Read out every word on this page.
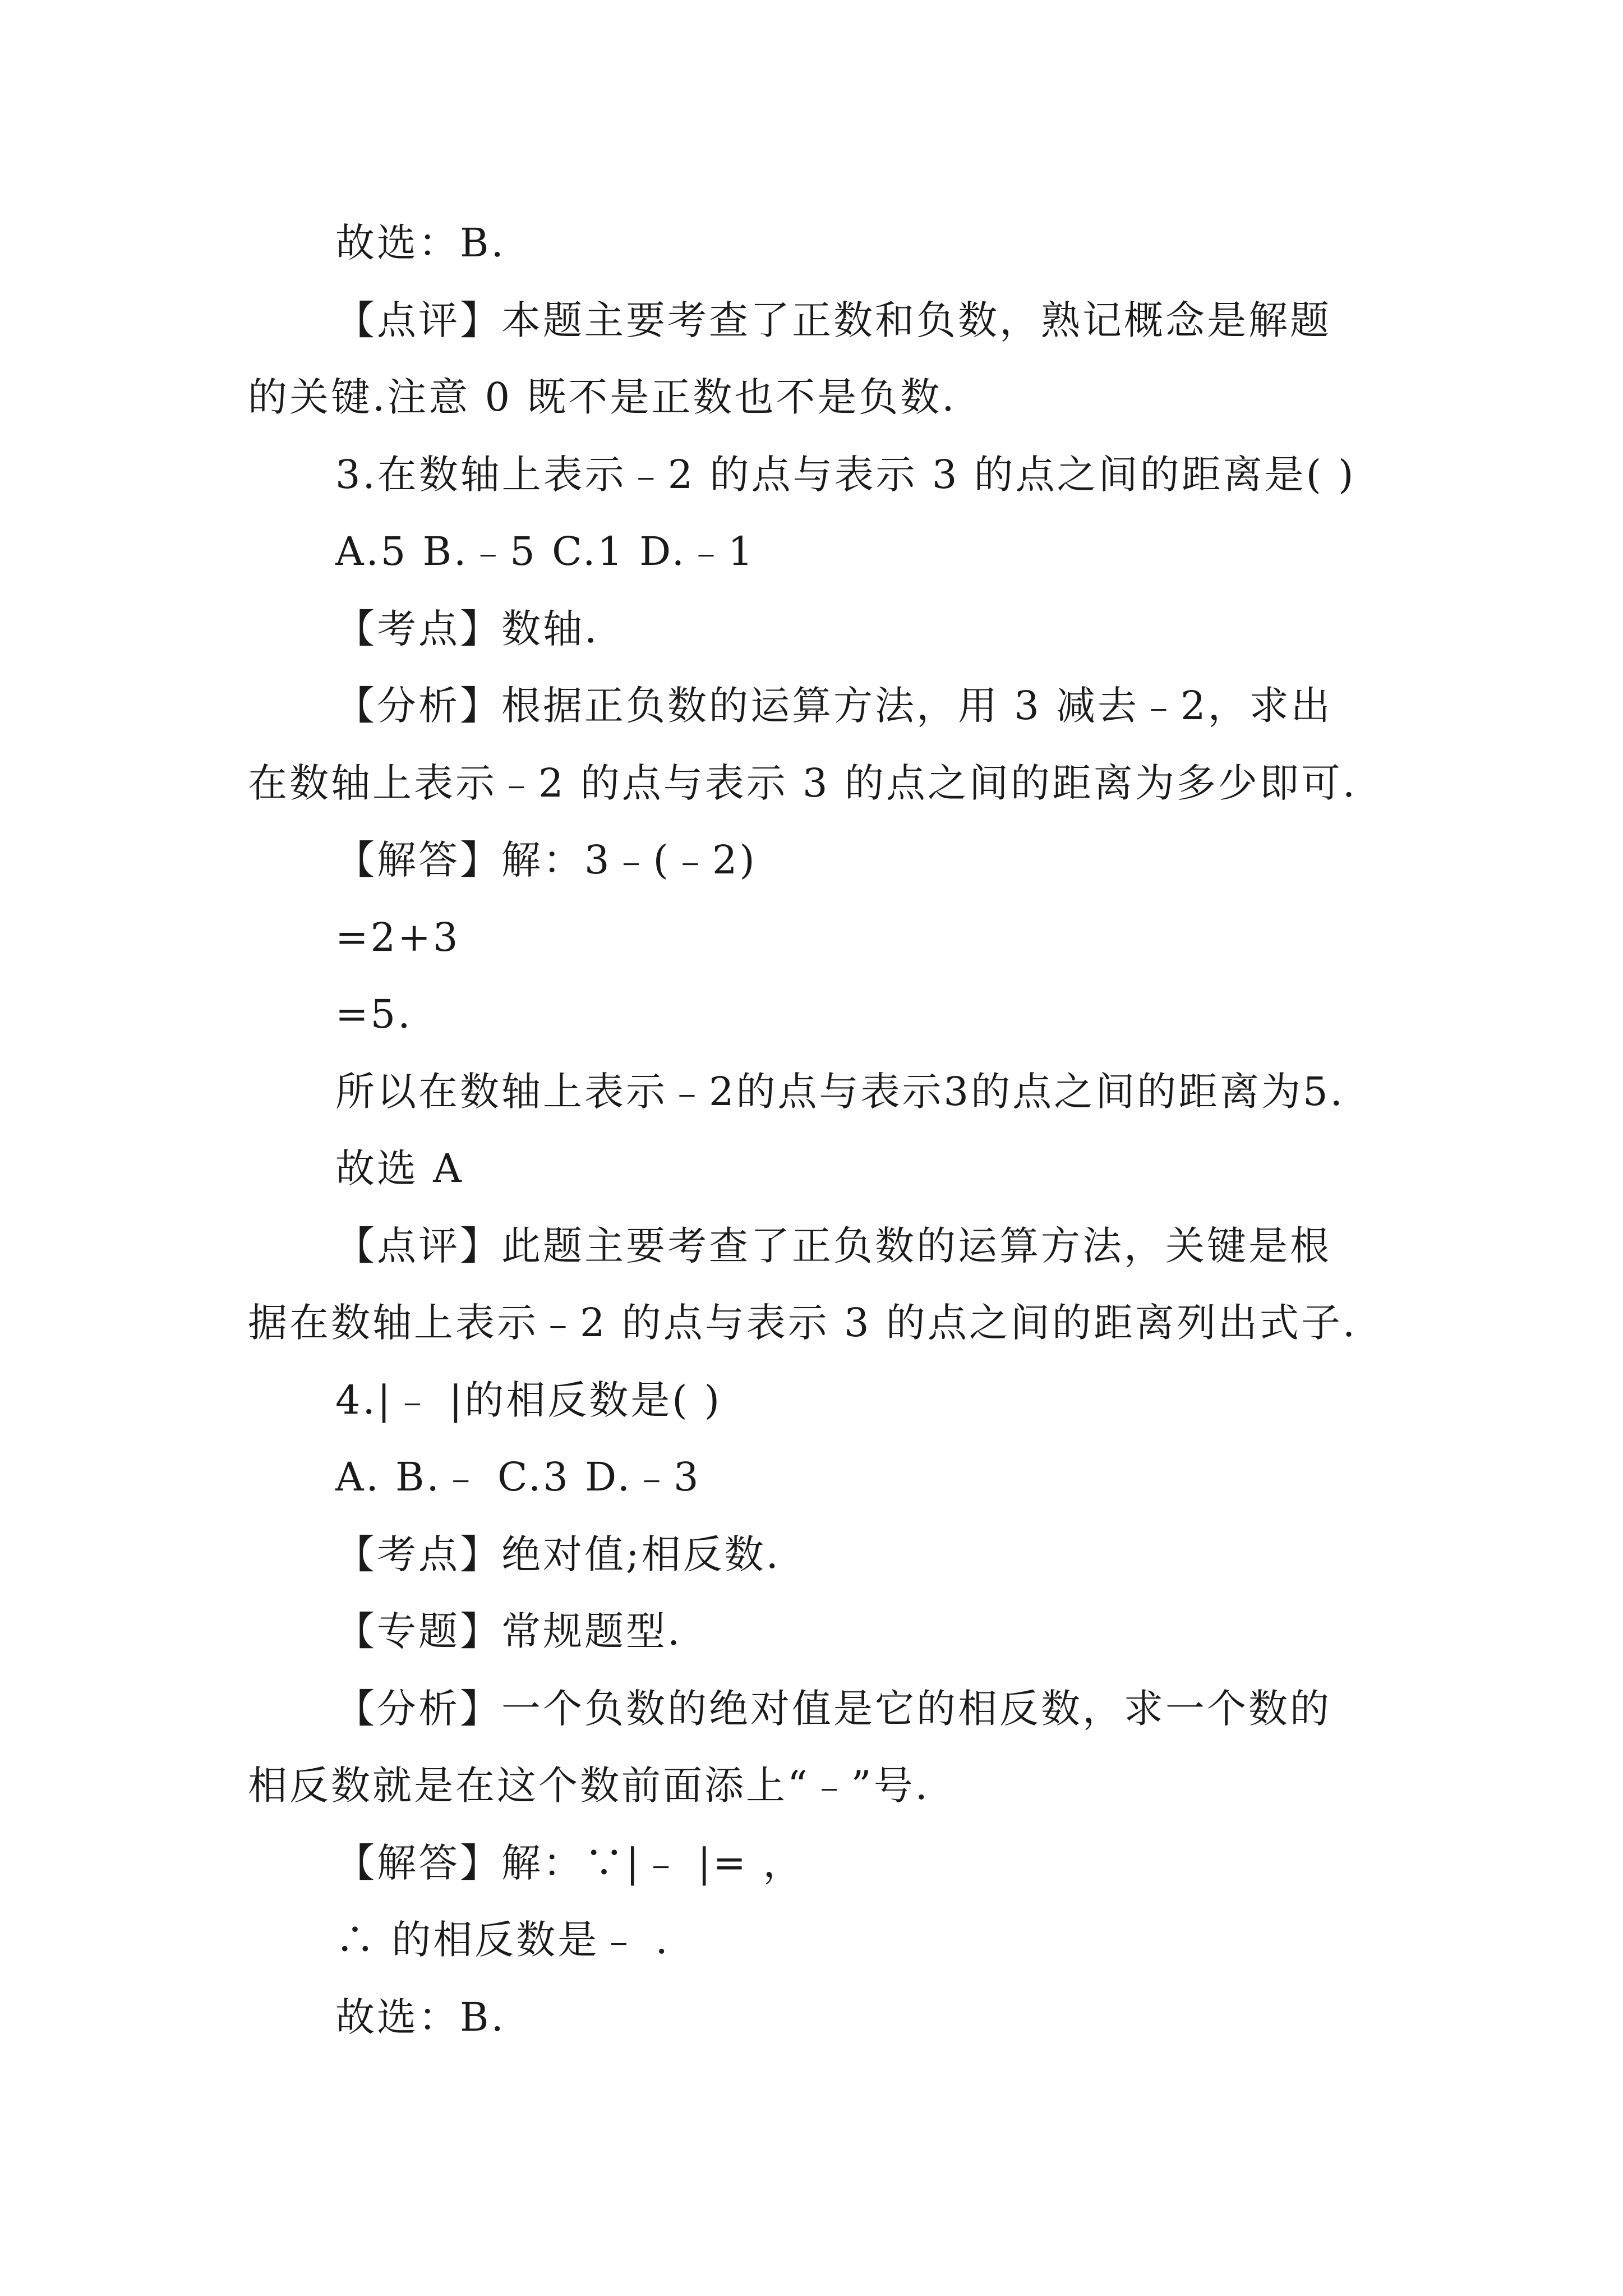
故选：B.
【点评】本题主要考查了正数和负数，熟记概念是解题
的关键.注意 0 既不是正数也不是负数.
3.在数轴上表示﹣2 的点与表示 3 的点之间的距离是( )
A.5 B.﹣5 C.1 D.﹣1
【考点】数轴.
【分析】根据正负数的运算方法，用 3 减去﹣2，求出
在数轴上表示﹣2 的点与表示 3 的点之间的距离为多少即可.
【解答】解：3﹣(﹣2)
=2+3
=5.
所以在数轴上表示﹣2的点与表示3的点之间的距离为5.
故选 A
【点评】此题主要考查了正负数的运算方法，关键是根
据在数轴上表示﹣2 的点与表示 3 的点之间的距离列出式子.
4.|﹣ |的相反数是( )
A. B.﹣ C.3 D.﹣3
【考点】绝对值;相反数.
【专题】常规题型.
【分析】一个负数的绝对值是它的相反数，求一个数的
相反数就是在这个数前面添上“﹣”号.
【解答】解：∵|﹣ |= ，
∴ 的相反数是﹣ .
故选：B.
